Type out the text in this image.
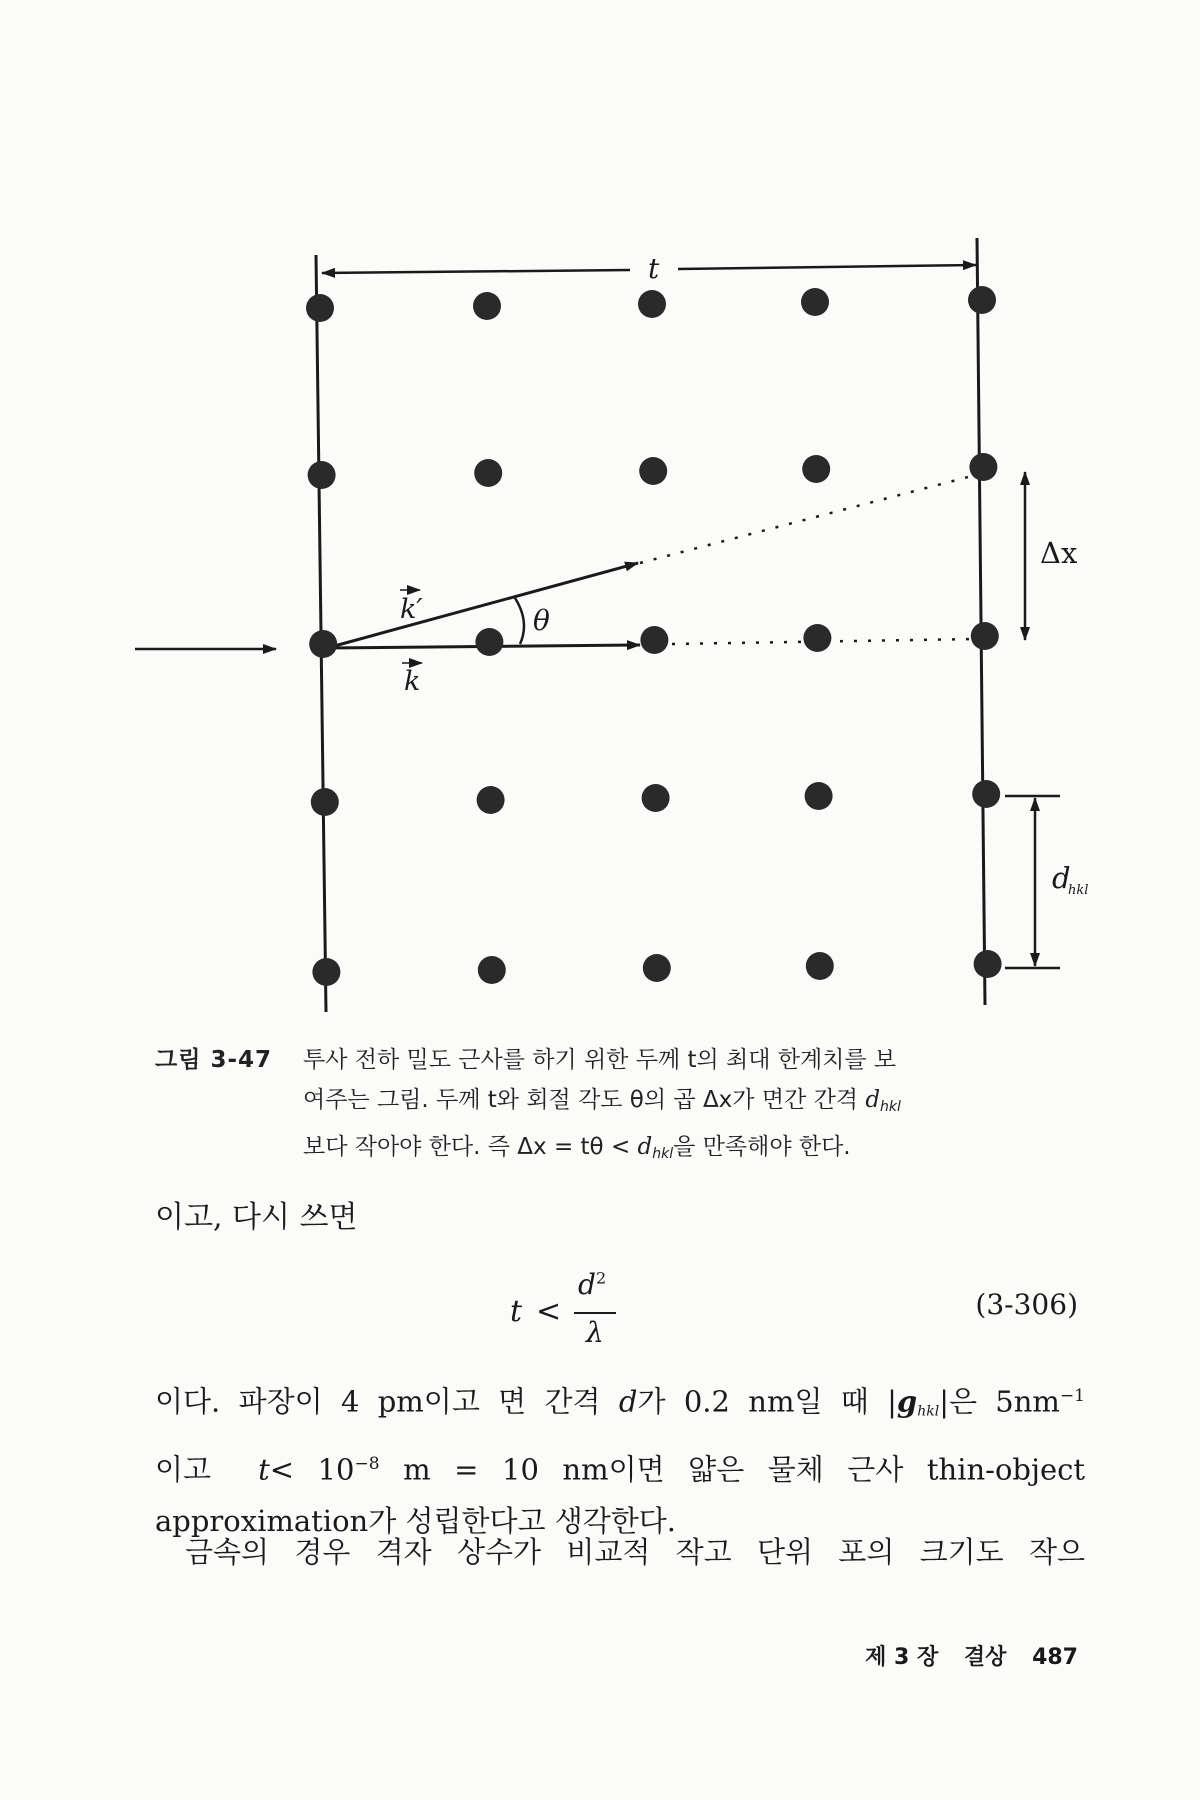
t
θ
k′
k
Δx
d
hkl
그림 3-47 투사 전하 밀도 근사를 하기 위한 두께 t의 최대 한계치를 보
여주는 그림. 두께 t와 회절 각도 θ의 곱 Δx가 면간 간격 $d_{hkl}$
보다 작아야 한다. 즉 $\Delta x = t\theta < d_{hkl}$을 만족해야 한다.
이고, 다시 쓰면
t <
$d^2$
λ
(3-306)
이다. 파장이 4 pm이고 면 간격 d가 0.2 nm일 때 $|g_{hkl}|$은 $5nm^{-1}$
이고 $t< 10^{-8}$ m = 10 nm이면 얇은 물체 근사 thin-object
approximation가 성립한다고 생각한다.
금속의 경우 격자 상수가 비교적 작고 단위 포의 크기도 작으
제 3 장 결상 487
